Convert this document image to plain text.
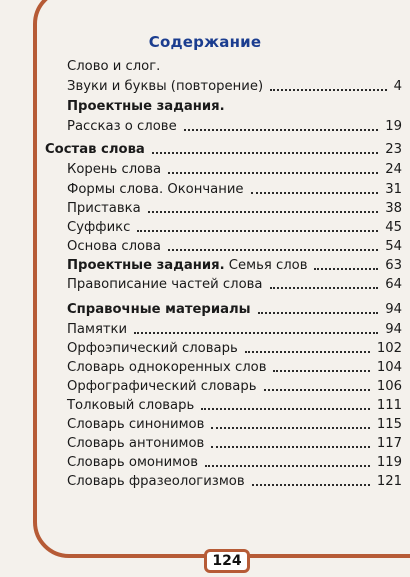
Содержание
Слово и слог.
Звуки и буквы (повторение)	4
Проектные задания.
Рассказ о слове	19
Состав слова	23
Корень слова	24
Формы слова. Окончание	31
Приставка	38
Суффикс	45
Основа слова	54
Проектные задания. Семья слов	63
Правописание частей слова	64
Справочные материалы	94
Памятки	94
Орфоэпический словарь	102
Словарь однокоренных слов	104
Орфографический словарь	106
Толковый словарь	111
Словарь синонимов	115
Словарь антонимов	117
Словарь омонимов	119
Словарь фразеологизмов	121
124
